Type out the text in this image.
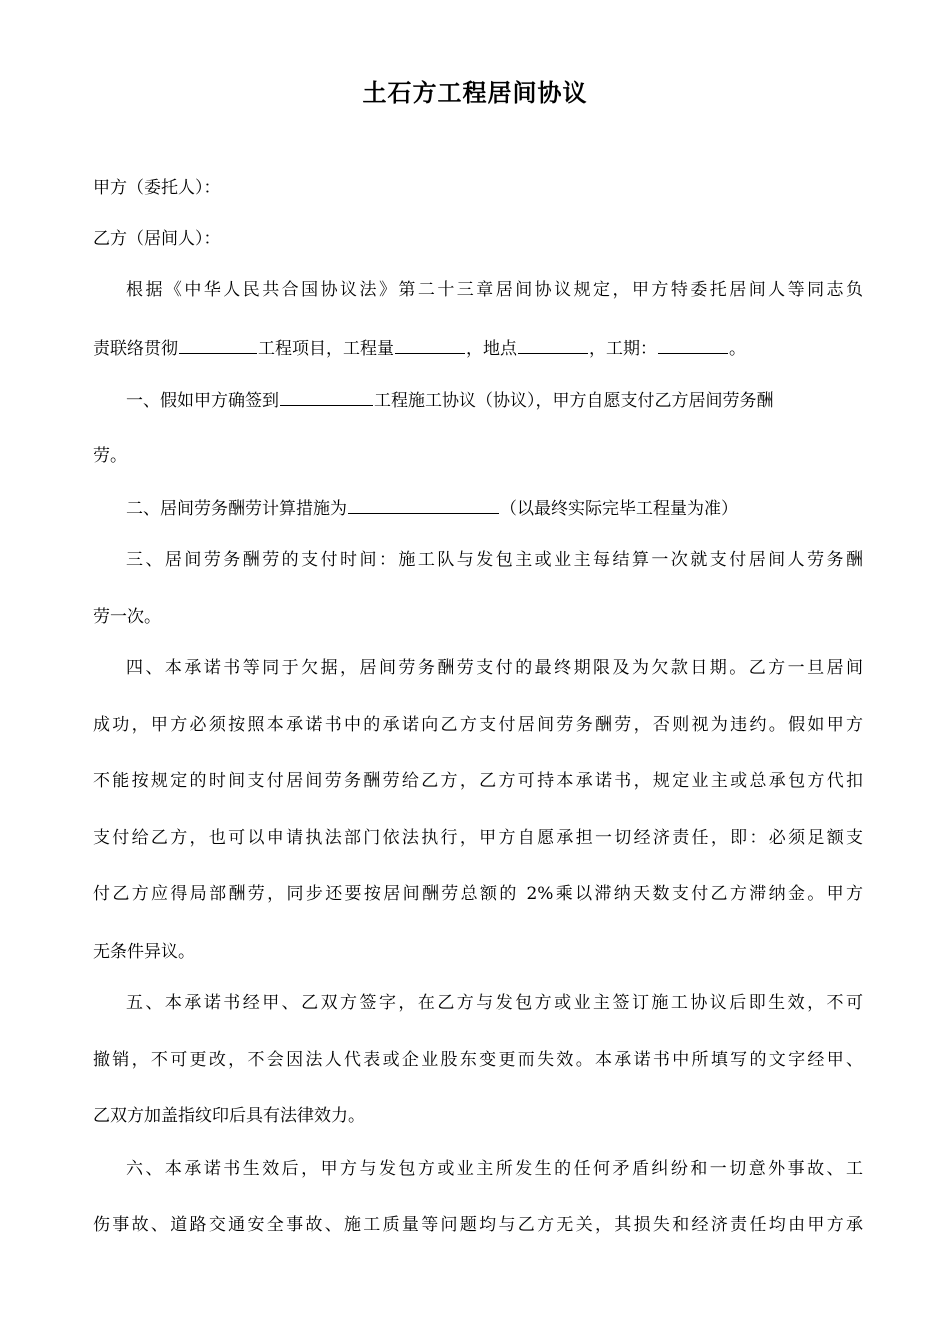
土石方工程居间协议
甲方（委托人）：
乙方（居间人）：
根据《中华人民共合国协议法》第二十三章居间协议规定，甲方特委托居间人等同志负
责联络贯彻	工程项目，工程量	，地点	，工期：	。
一、假如甲方确签到	工程施工协议（协议），甲方自愿支付乙方居间劳务酬
劳。
二、居间劳务酬劳计算措施为	（以最终实际完毕工程量为准）
三、居间劳务酬劳的支付时间：施工队与发包主或业主每结算一次就支付居间人劳务酬
劳一次。
四、本承诺书等同于欠据，居间劳务酬劳支付的最终期限及为欠款日期。乙方一旦居间
成功，甲方必须按照本承诺书中的承诺向乙方支付居间劳务酬劳，否则视为违约。假如甲方
不能按规定的时间支付居间劳务酬劳给乙方，乙方可持本承诺书，规定业主或总承包方代扣
支付给乙方，也可以申请执法部门依法执行，甲方自愿承担一切经济责任，即：必须足额支
付乙方应得局部酬劳，同步还要按居间酬劳总额的 2%乘以滞纳天数支付乙方滞纳金。甲方
无条件异议。
五、本承诺书经甲、乙双方签字，在乙方与发包方或业主签订施工协议后即生效，不可
撤销，不可更改，不会因法人代表或企业股东变更而失效。本承诺书中所填写的文字经甲、
乙双方加盖指纹印后具有法律效力。
六、本承诺书生效后，甲方与发包方或业主所发生的任何矛盾纠纷和一切意外事故、工
伤事故、道路交通安全事故、施工质量等问题均与乙方无关，其损失和经济责任均由甲方承
